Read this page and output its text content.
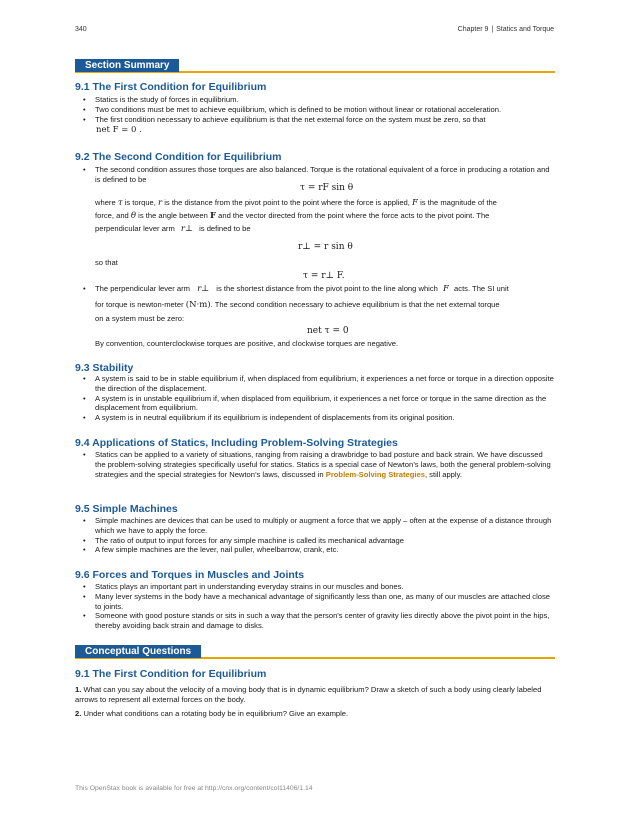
340	Chapter 9 | Statics and Torque
Section Summary
9.1 The First Condition for Equilibrium
• Statics is the study of forces in equilibrium.
• Two conditions must be met to achieve equilibrium, which is defined to be motion without linear or rotational acceleration.
• The first condition necessary to achieve equilibrium is that the net external force on the system must be zero, so that
net F = 0 .
9.2 The Second Condition for Equilibrium
• The second condition assures those torques are also balanced. Torque is the rotational equivalent of a force in producing a rotation and is defined to be
τ = rF sin θ
where τ is torque, r is the distance from the pivot point to the point where the force is applied, F is the magnitude of the
force, and θ is the angle between F and the vector directed from the point where the force acts to the pivot point. The
perpendicular lever arm r⊥ is defined to be
r⊥ = r sin θ
so that
τ = r⊥ F.
• The perpendicular lever arm r⊥ is the shortest distance from the pivot point to the line along which F acts. The SI unit
for torque is newton-meter (N·m). The second condition necessary to achieve equilibrium is that the net external torque
on a system must be zero:
net τ = 0
By convention, counterclockwise torques are positive, and clockwise torques are negative.
9.3 Stability
• A system is said to be in stable equilibrium if, when displaced from equilibrium, it experiences a net force or torque in a direction opposite the direction of the displacement.
• A system is in unstable equilibrium if, when displaced from equilibrium, it experiences a net force or torque in the same direction as the displacement from equilibrium.
• A system is in neutral equilibrium if its equilibrium is independent of displacements from its original position.
9.4 Applications of Statics, Including Problem-Solving Strategies
• Statics can be applied to a variety of situations, ranging from raising a drawbridge to bad posture and back strain. We have discussed the problem-solving strategies specifically useful for statics. Statics is a special case of Newton’s laws, both the general problem-solving strategies and the special strategies for Newton’s laws, discussed in Problem-Solving Strategies, still apply.
9.5 Simple Machines
• Simple machines are devices that can be used to multiply or augment a force that we apply – often at the expense of a distance through which we have to apply the force.
• The ratio of output to input forces for any simple machine is called its mechanical advantage
• A few simple machines are the lever, nail puller, wheelbarrow, crank, etc.
9.6 Forces and Torques in Muscles and Joints
• Statics plays an important part in understanding everyday strains in our muscles and bones.
• Many lever systems in the body have a mechanical advantage of significantly less than one, as many of our muscles are attached close to joints.
• Someone with good posture stands or sits in such a way that the person's center of gravity lies directly above the pivot point in the hips, thereby avoiding back strain and damage to disks.
Conceptual Questions
9.1 The First Condition for Equilibrium
1. What can you say about the velocity of a moving body that is in dynamic equilibrium? Draw a sketch of such a body using clearly labeled arrows to represent all external forces on the body.
2. Under what conditions can a rotating body be in equilibrium? Give an example.
This OpenStax book is available for free at http://cnx.org/content/col11406/1.14
